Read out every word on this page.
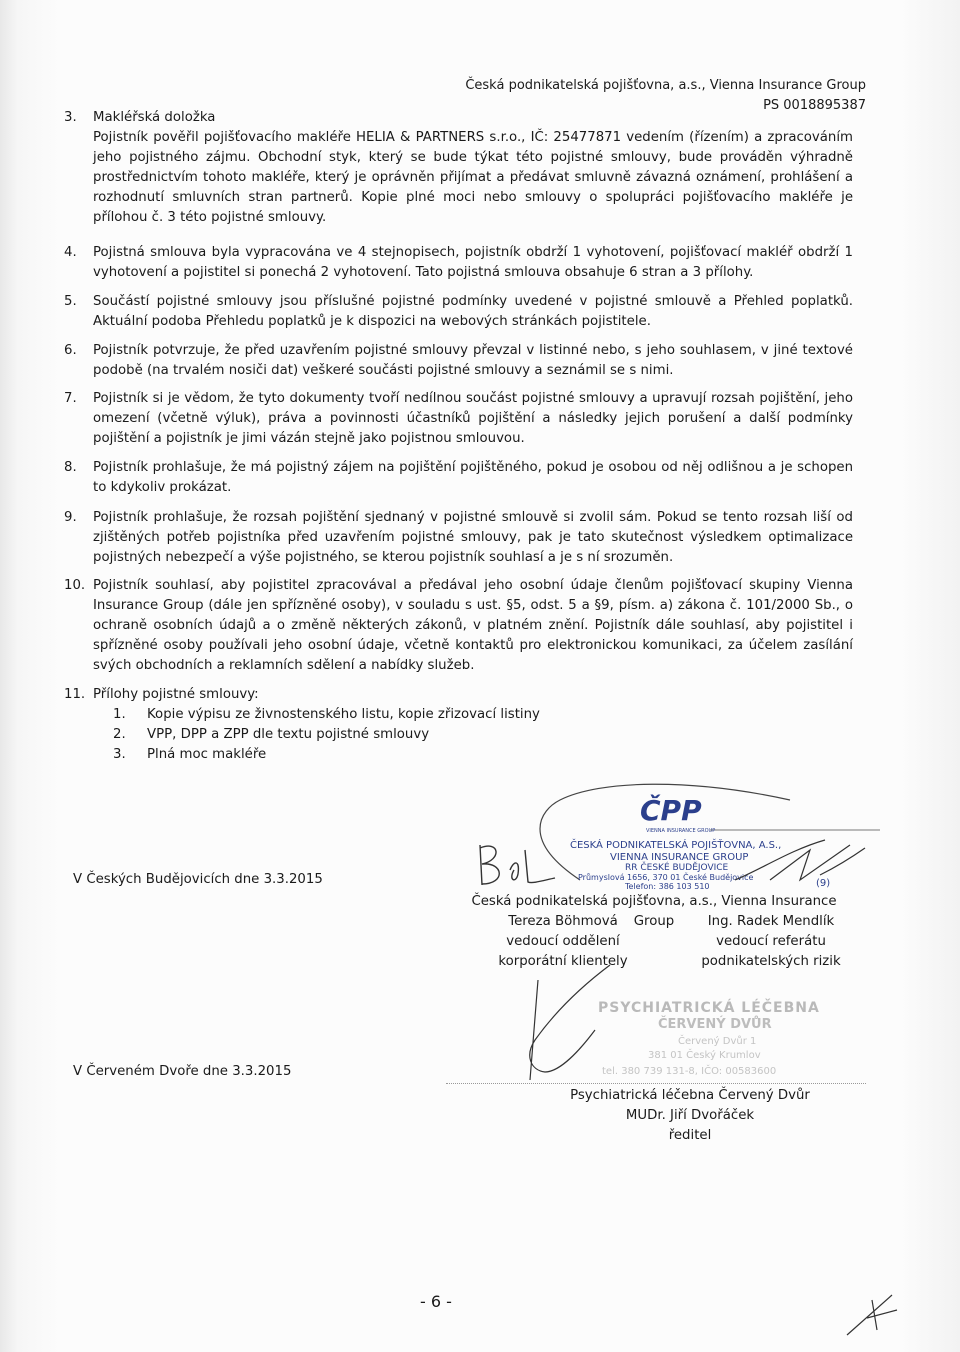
Česká podnikatelská pojišťovna, a.s., Vienna Insurance Group
PS 0018895387
3. Makléřská doložka
Pojistník pověřil pojišťovacího makléře HELIA & PARTNERS s.r.o., IČ: 25477871 vedením (řízením) a zpracováním jeho pojistného zájmu. Obchodní styk, který se bude týkat této pojistné smlouvy, bude prováděn výhradně prostřednictvím tohoto makléře, který je oprávněn přijímat a předávat smluvně závazná oznámení, prohlášení a rozhodnutí smluvních stran partnerů. Kopie plné moci nebo smlouvy o spolupráci pojišťovacího makléře je přílohou č. 3 této pojistné smlouvy.
4. Pojistná smlouva byla vypracována ve 4 stejnopisech, pojistník obdrží 1 vyhotovení, pojišťovací makléř obdrží 1 vyhotovení a pojistitel si ponechá 2 vyhotovení. Tato pojistná smlouva obsahuje 6 stran a 3 přílohy.
5. Součástí pojistné smlouvy jsou příslušné pojistné podmínky uvedené v pojistné smlouvě a Přehled poplatků. Aktuální podoba Přehledu poplatků je k dispozici na webových stránkách pojistitele.
6. Pojistník potvrzuje, že před uzavřením pojistné smlouvy převzal v listinné nebo, s jeho souhlasem, v jiné textové podobě (na trvalém nosiči dat) veškeré součásti pojistné smlouvy a seznámil se s nimi.
7. Pojistník si je vědom, že tyto dokumenty tvoří nedílnou součást pojistné smlouvy a upravují rozsah pojištění, jeho omezení (včetně výluk), práva a povinnosti účastníků pojištění a následky jejich porušení a další podmínky pojištění a pojistník je jimi vázán stejně jako pojistnou smlouvou.
8. Pojistník prohlašuje, že má pojistný zájem na pojištění pojištěného, pokud je osobou od něj odlišnou a je schopen to kdykoliv prokázat.
9. Pojistník prohlašuje, že rozsah pojištění sjednaný v pojistné smlouvě si zvolil sám. Pokud se tento rozsah liší od zjištěných potřeb pojistníka před uzavřením pojistné smlouvy, pak je tato skutečnost výsledkem optimalizace pojistných nebezpečí a výše pojistného, se kterou pojistník souhlasí a je s ní srozuměn.
10. Pojistník souhlasí, aby pojistitel zpracovával a předával jeho osobní údaje členům pojišťovací skupiny Vienna Insurance Group (dále jen spřízněné osoby), v souladu s ust. §5, odst. 5 a §9, písm. a) zákona č. 101/2000 Sb., o ochraně osobních údajů a o změně některých zákonů, v platném znění. Pojistník dále souhlasí, aby pojistitel i spřízněné osoby používali jeho osobní údaje, včetně kontaktů pro elektronickou komunikaci, za účelem zasílání svých obchodních a reklamních sdělení a nabídky služeb.
11. Přílohy pojistné smlouvy:
1. Kopie výpisu ze živnostenského listu, kopie zřizovací listiny
2. VPP, DPP a ZPP dle textu pojistné smlouvy
3. Plná moc makléře
V Českých Budějovicích dne 3.3.2015
ČPP
VIENNA INSURANCE GROUP
ČESKÁ PODNIKATELSKÁ POJIŠŤOVNA, A.S.,
VIENNA INSURANCE GROUP
RR ČESKÉ BUDĚJOVICE
Průmyslová 1656, 370 01 České Budějovice
Telefon: 386 103 510	(9)
Česká podnikatelská pojišťovna, a.s., Vienna Insurance Group
Tereza Böhmová
vedoucí oddělení
korporátní klientely
Ing. Radek Mendlík
vedoucí referátu
podnikatelských rizik
V Červeném Dvoře dne 3.3.2015
PSYCHIATRICKÁ LÉČEBNA
ČERVENÝ DVŮR
Červený Dvůr 1
381 01 Český Krumlov
tel. 380 739 131-8, IČO: 00583600
Psychiatrická léčebna Červený Dvůr
MUDr. Jiří Dvořáček
ředitel
- 6 -
